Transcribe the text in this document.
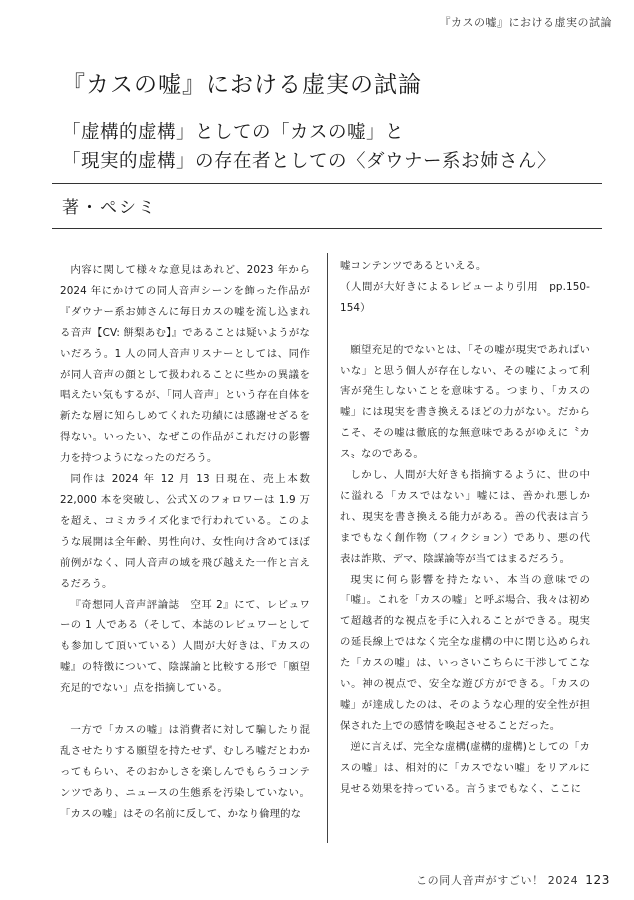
『カスの嘘』における虚実の試論
『カスの嘘』における虚実の試論
「虚構的虚構」としての「カスの嘘」と
「現実的虚構」の存在者としての〈ダウナー系お姉さん〉
著・ペシミ

内容に関して様々な意見はあれど、2023 年から 2024 年にかけての同人音声シーンを飾った作品が『ダウナー系お姉さんに毎日カスの嘘を流し込まれる音声【CV: 餅梨あむ】』であることは疑いようがないだろう。1 人の同人音声リスナーとしては、同作が同人音声の顔として扱われることに些かの異議を唱えたい気もするが、「同人音声」という存在自体を新たな層に知らしめてくれた功績には感謝せざるを得ない。いったい、なぜこの作品がこれだけの影響力を持つようになったのだろう。

同作は 2024 年 12 月 13 日現在、売上本数 22,000 本を突破し、公式Ｘのフォロワーは 1.9 万を超え、コミカライズ化まで行われている。このような展開は全年齢、男性向け、女性向け含めてほぼ前例がなく、同人音声の域を飛び越えた一作と言えるだろう。

『奇想同人音声評論誌　空耳 2』にて、レビュワーの 1 人である（そして、本誌のレビュワーとしても参加して頂いている）人間が大好きは、『カスの嘘』の特徴について、陰謀論と比較する形で「願望充足的でない」点を指摘している。

一方で「カスの嘘」は消費者に対して騙したり混乱させたりする願望を持たせず、むしろ嘘だとわかってもらい、そのおかしさを楽しんでもらうコンテンツであり、ニュースの生態系を汚染していない。「カスの嘘」はその名前に反して、かなり倫理的な

嘘コンテンツであるといえる。

（人間が大好きによるレビューより引用　pp.150-154）

願望充足的でないとは、「その嘘が現実であればいいな」と思う個人が存在しない、その嘘によって利害が発生しないことを意味する。つまり、「カスの嘘」には現実を書き換えるほどの力がない。だからこそ、その嘘は徹底的な無意味であるがゆえに〝カス〟なのである。

しかし、人間が大好きも指摘するように、世の中に溢れる「カスではない」嘘には、善かれ悪しかれ、現実を書き換える能力がある。善の代表は言うまでもなく創作物（フィクション）であり、悪の代表は詐欺、デマ、陰謀論等が当てはまるだろう。

現実に何ら影響を持たない、本当の意味での「嘘」。これを「カスの嘘」と呼ぶ場合、我々は初めて超越者的な視点を手に入れることができる。現実の延長線上ではなく完全な虚構の中に閉じ込められた「カスの嘘」は、いっさいこちらに干渉してこない。神の視点で、安全な遊び方ができる。「カスの嘘」が達成したのは、そのような心理的安全性が担保された上での感情を喚起させることだった。

逆に言えば、完全な虚構(虚構的虚構)としての「カスの嘘」は、相対的に「カスでない嘘」をリアルに見せる効果を持っている。言うまでもなく、ここに

この同人音声がすごい！ 2024 123
